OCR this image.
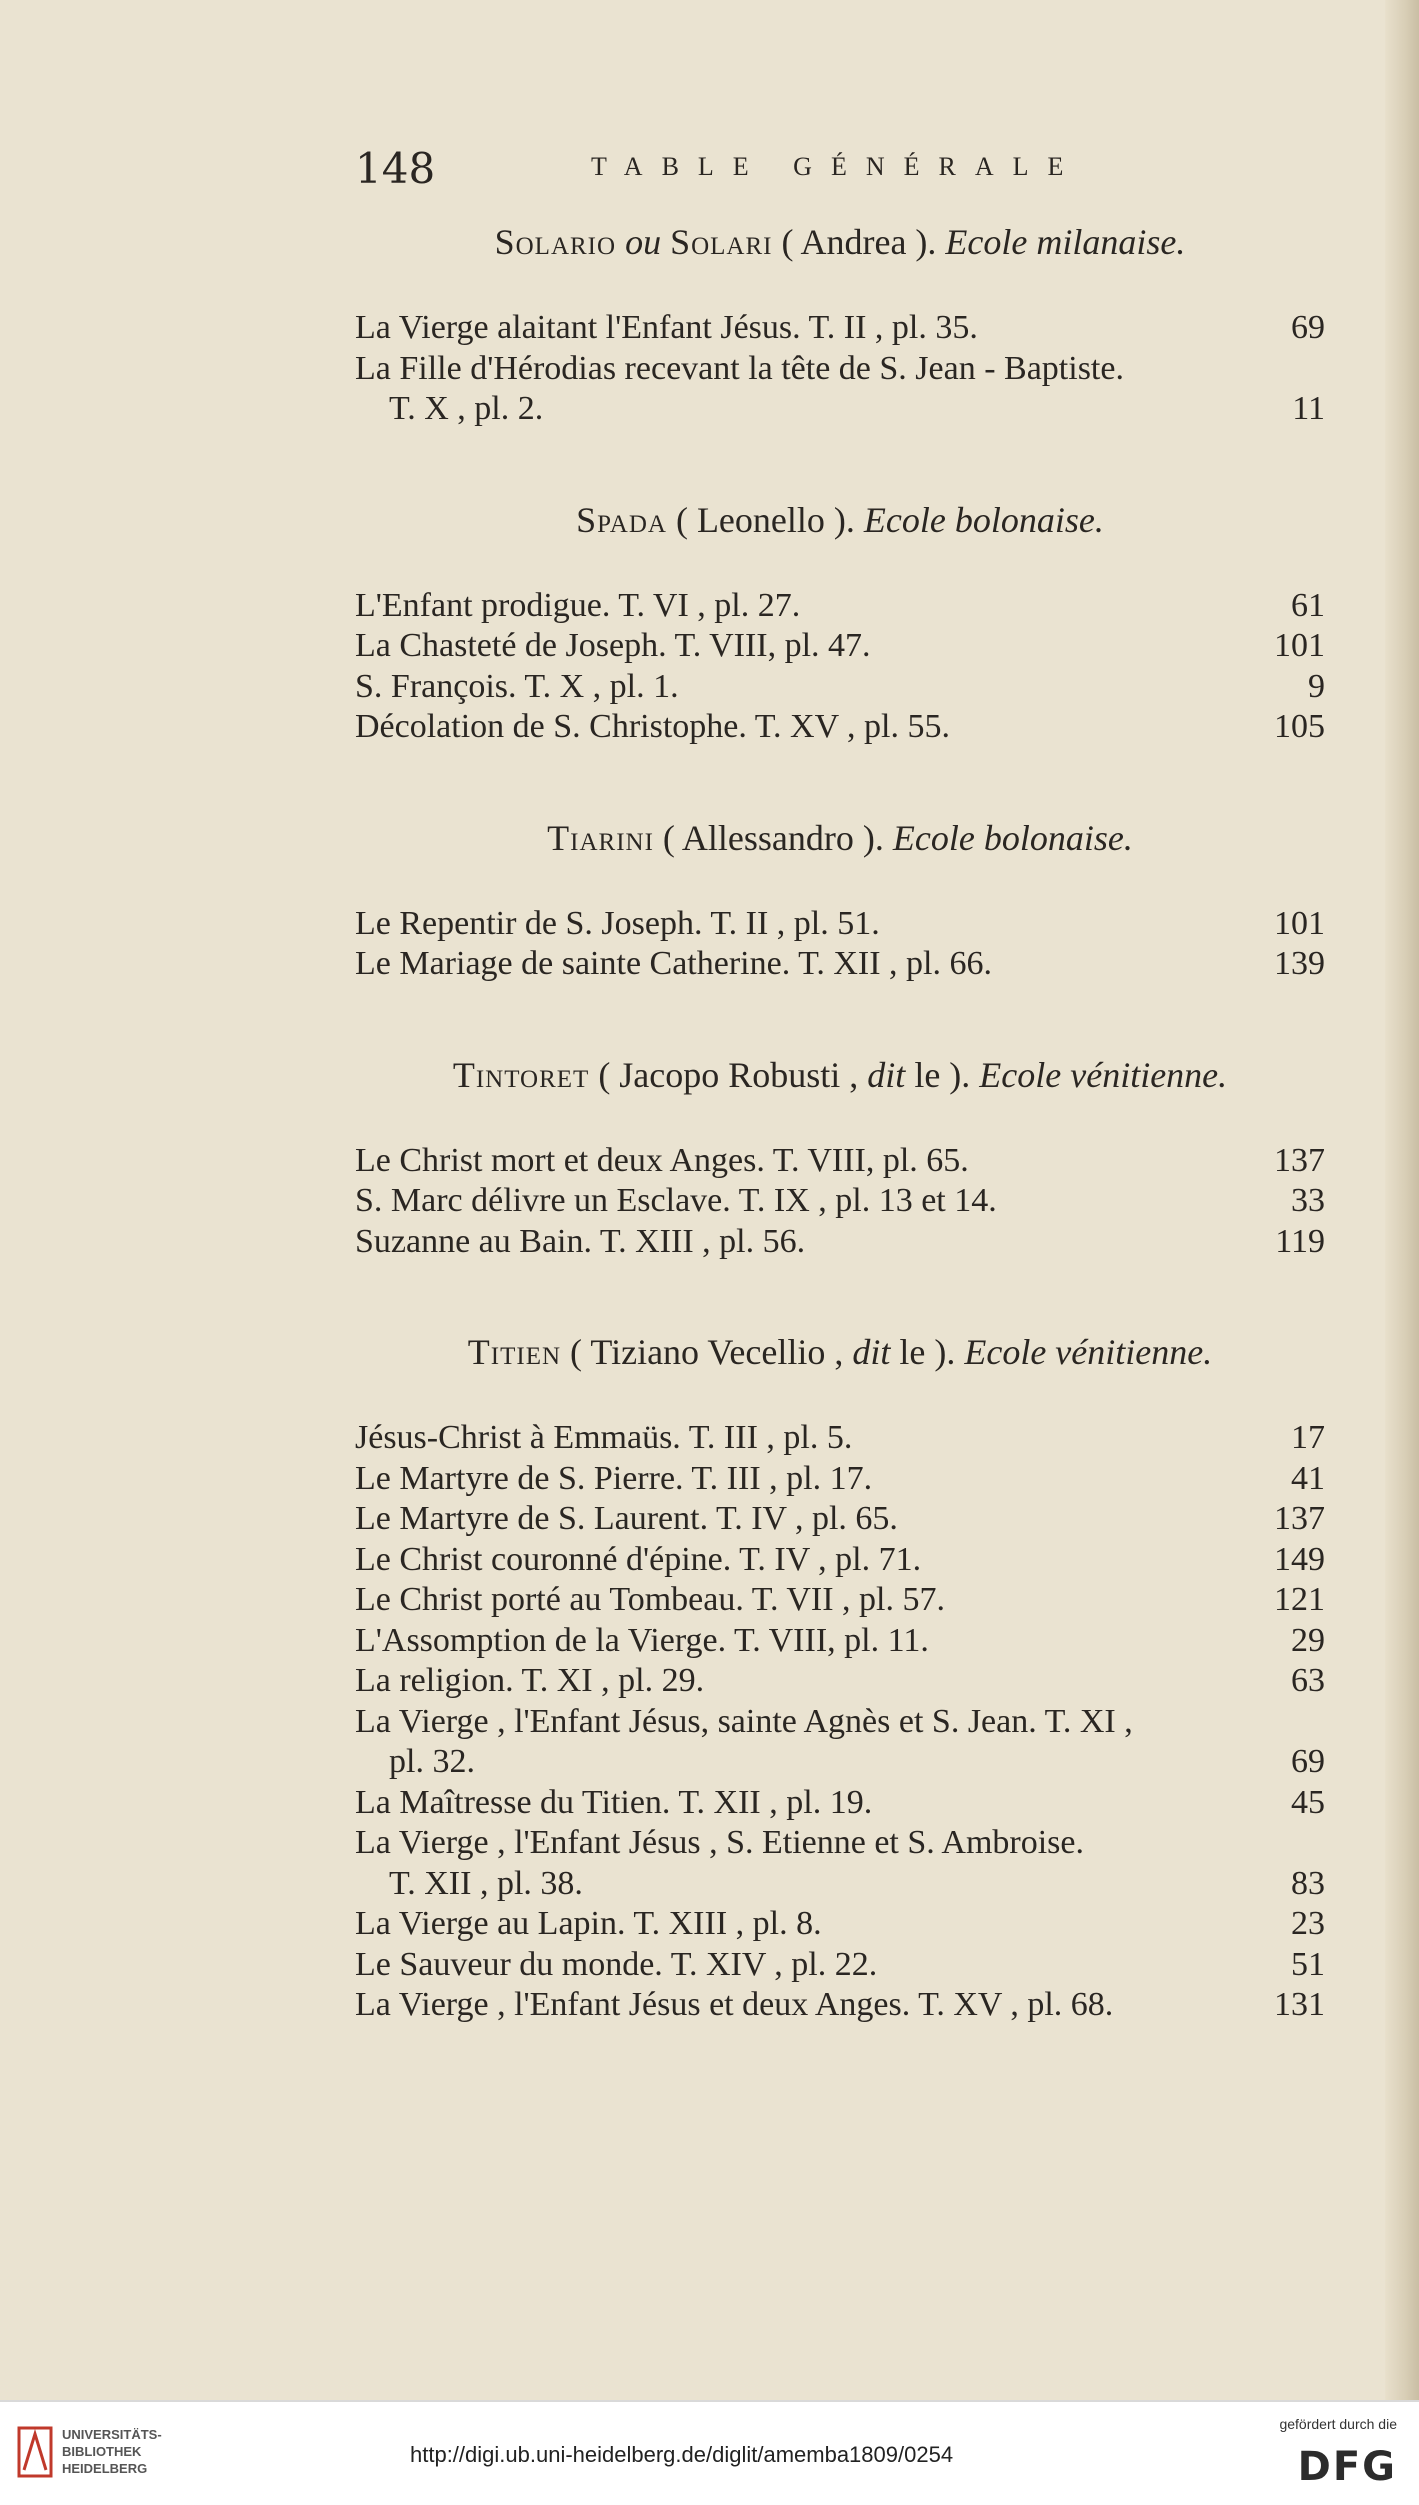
148	TABLE GÉNÉRALE
Solario ou Solari ( Andrea ). Ecole milanaise.
La Vierge alaitant l'Enfant Jésus. T. II , pl. 35.	69
La Fille d'Hérodias recevant la tête de S. Jean - Baptiste.
T. X , pl. 2.	11
Spada ( Leonello ). Ecole bolonaise.
L'Enfant prodigue. T. VI , pl. 27.	61
La Chasteté de Joseph. T. VIII, pl. 47.	101
S. François. T. X , pl. 1.	9
Décolation de S. Christophe. T. XV , pl. 55.	105
Tiarini ( Allessandro ). Ecole bolonaise.
Le Repentir de S. Joseph. T. II , pl. 51.	101
Le Mariage de sainte Catherine. T. XII , pl. 66.	139
Tintoret ( Jacopo Robusti , dit le ). Ecole vénitienne.
Le Christ mort et deux Anges. T. VIII, pl. 65.	137
S. Marc délivre un Esclave. T. IX , pl. 13 et 14.	33
Suzanne au Bain. T. XIII , pl. 56.	119
Titien ( Tiziano Vecellio , dit le ). Ecole vénitienne.
Jésus-Christ à Emmaüs. T. III , pl. 5.	17
Le Martyre de S. Pierre. T. III , pl. 17.	41
Le Martyre de S. Laurent. T. IV , pl. 65.	137
Le Christ couronné d'épine. T. IV , pl. 71.	149
Le Christ porté au Tombeau. T. VII , pl. 57.	121
L'Assomption de la Vierge. T. VIII, pl. 11.	29
La religion. T. XI , pl. 29.	63
La Vierge , l'Enfant Jésus, sainte Agnès et S. Jean. T. XI ,
pl. 32.	69
La Maîtresse du Titien. T. XII , pl. 19.	45
La Vierge , l'Enfant Jésus , S. Etienne et S. Ambroise.
T. XII , pl. 38.	83
La Vierge au Lapin. T. XIII , pl. 8.	23
Le Sauveur du monde. T. XIV , pl. 22.	51
La Vierge , l'Enfant Jésus et deux Anges. T. XV , pl. 68.	131
UNIVERSITÄTS-
BIBLIOTHEK
HEIDELBERG
http://digi.ub.uni-heidelberg.de/diglit/amemba1809/0254
gefördert durch die
DFG
